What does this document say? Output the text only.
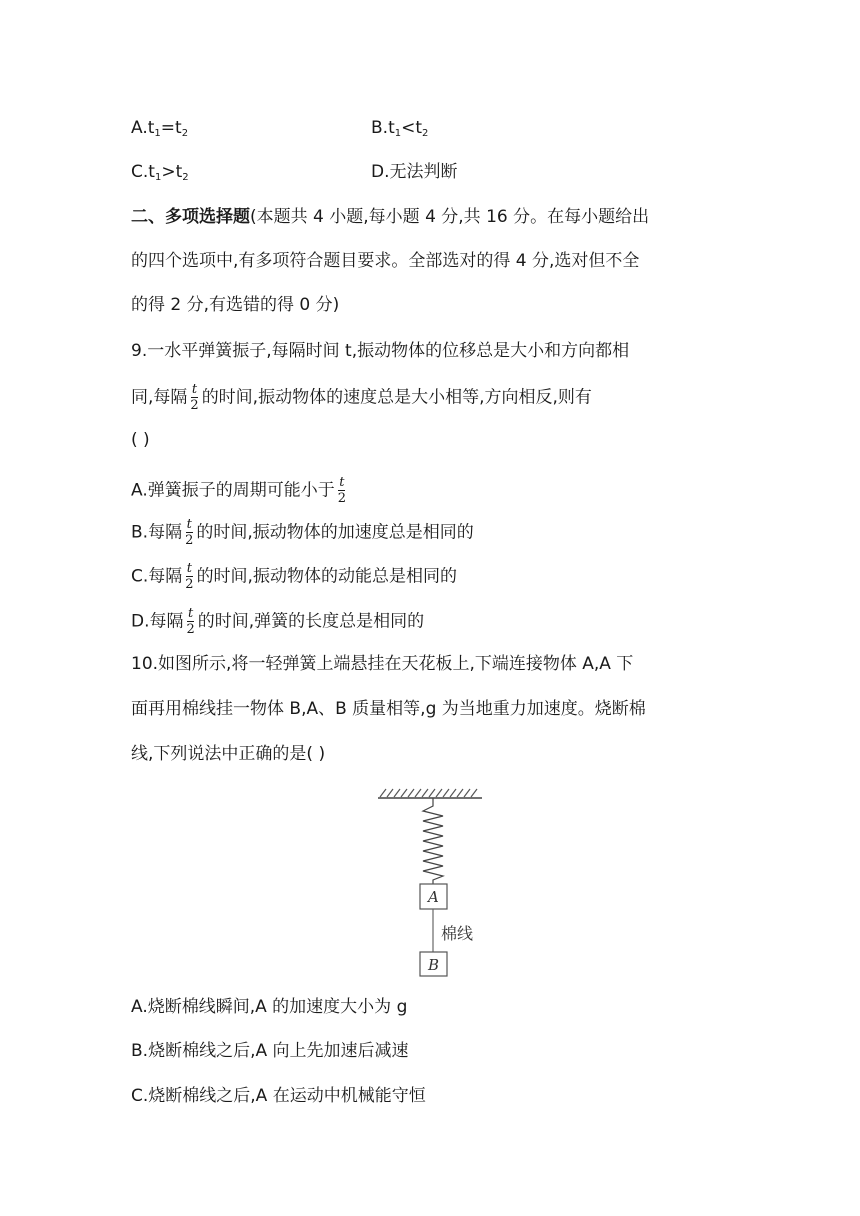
$A.t_1=t_2$	$B.t_1<t_2$
$C.t_1>t_2$	D.无法判断
二、多项选择题(本题共 4 小题,每小题 4 分,共 16 分。在每小题给出
的四个选项中,有多项符合题目要求。全部选对的得 4 分,选对但不全
的得 2 分,有选错的得 0 分)
9.一水平弹簧振子,每隔时间 t,振动物体的位移总是大小和方向都相
同,每隔 $\frac{t}{2}$ 的时间,振动物体的速度总是大小相等,方向相反,则有
( )
A.弹簧振子的周期可能小于 $\frac{t}{2}$
B.每隔 $\frac{t}{2}$ 的时间,振动物体的加速度总是相同的
C.每隔 $\frac{t}{2}$ 的时间,振动物体的动能总是相同的
D.每隔 $\frac{t}{2}$ 的时间,弹簧的长度总是相同的
10.如图所示,将一轻弹簧上端悬挂在天花板上,下端连接物体 A,A 下
面再用棉线挂一物体 B,A、B 质量相等,g 为当地重力加速度。烧断棉
线,下列说法中正确的是( )
A
B
棉线
A.烧断棉线瞬间,A 的加速度大小为 g
B.烧断棉线之后,A 向上先加速后减速
C.烧断棉线之后,A 在运动中机械能守恒
